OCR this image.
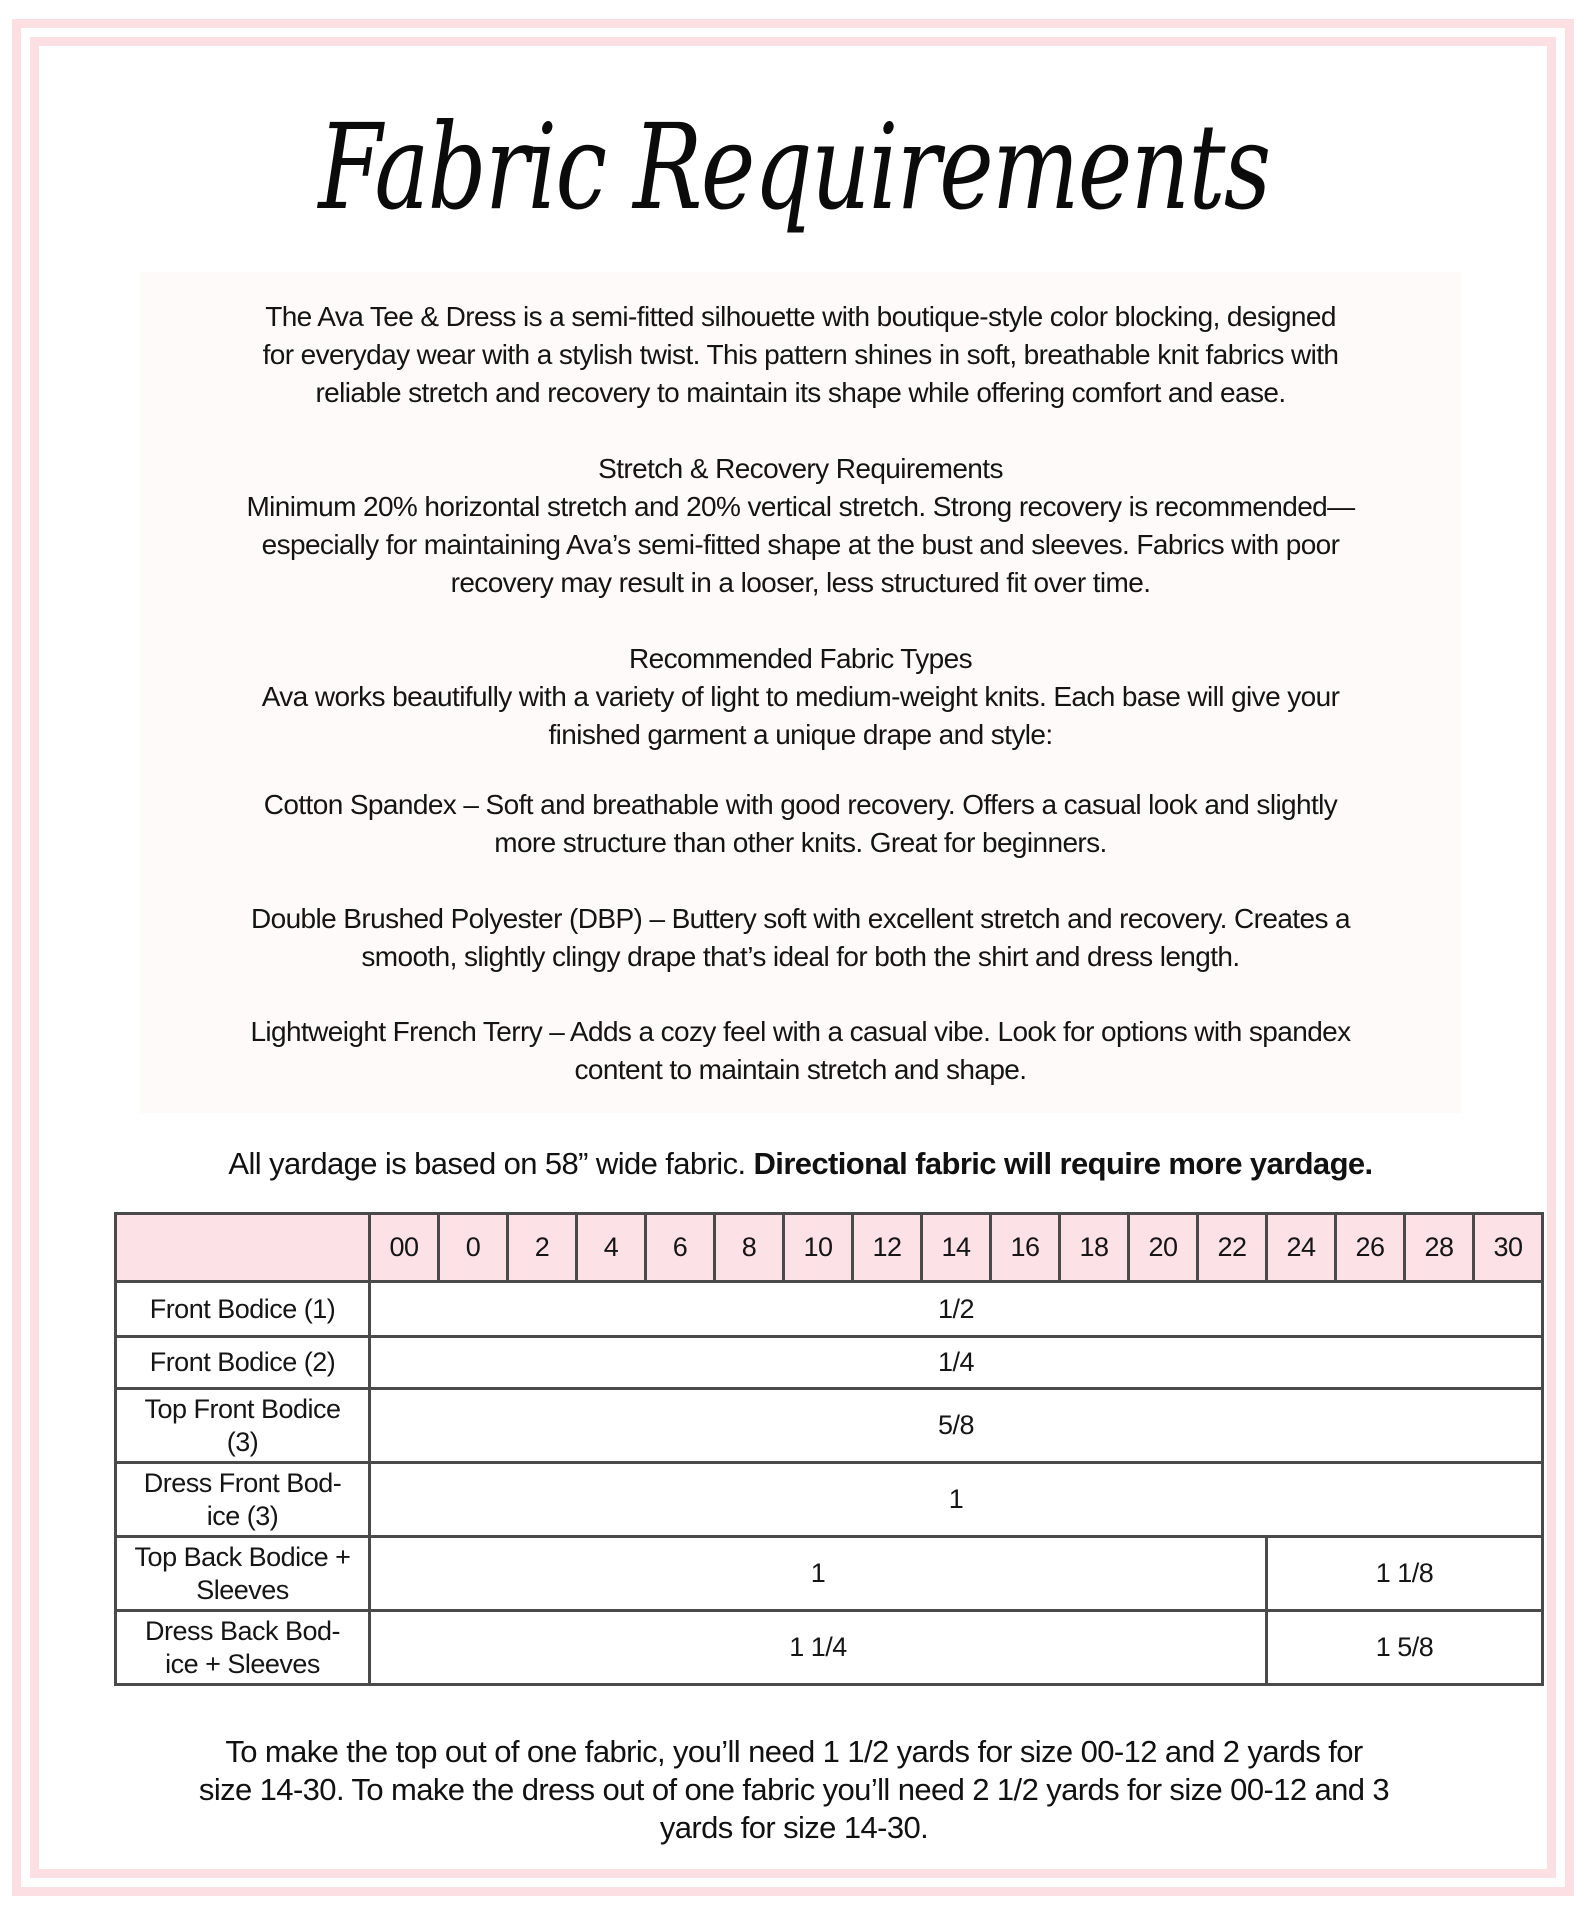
Fabric Requirements
The Ava Tee & Dress is a semi-fitted silhouette with boutique-style color blocking, designed
for everyday wear with a stylish twist. This pattern shines in soft, breathable knit fabrics with
reliable stretch and recovery to maintain its shape while offering comfort and ease.
Stretch & Recovery Requirements
Minimum 20% horizontal stretch and 20% vertical stretch. Strong recovery is recommended—
especially for maintaining Ava’s semi-fitted shape at the bust and sleeves. Fabrics with poor
recovery may result in a looser, less structured fit over time.
Recommended Fabric Types
Ava works beautifully with a variety of light to medium-weight knits. Each base will give your
finished garment a unique drape and style:
Cotton Spandex – Soft and breathable with good recovery. Offers a casual look and slightly
more structure than other knits. Great for beginners.
Double Brushed Polyester (DBP) – Buttery soft with excellent stretch and recovery. Creates a
smooth, slightly clingy drape that’s ideal for both the shirt and dress length.
Lightweight French Terry – Adds a cozy feel with a casual vibe. Look for options with spandex
content to maintain stretch and shape.
All yardage is based on 58” wide fabric. Directional fabric will require more yardage.
	00	0	2	4	6	8	10	12	14	16	18	20	22	24	26	28	30
Front Bodice (1)	1/2																
Front Bodice (2)	1/4																
Top Front Bodice (3)	5/8																
Dress Front Bod-ice (3)	1																
Top Back Bodice + Sleeves	1													1 1/8			
Dress Back Bod-ice + Sleeves	1 1/4													1 5/8			
To make the top out of one fabric, you’ll need 1 1/2 yards for size 00-12 and 2 yards for
size 14-30. To make the dress out of one fabric you’ll need 2 1/2 yards for size 00-12 and 3
yards for size 14-30.
